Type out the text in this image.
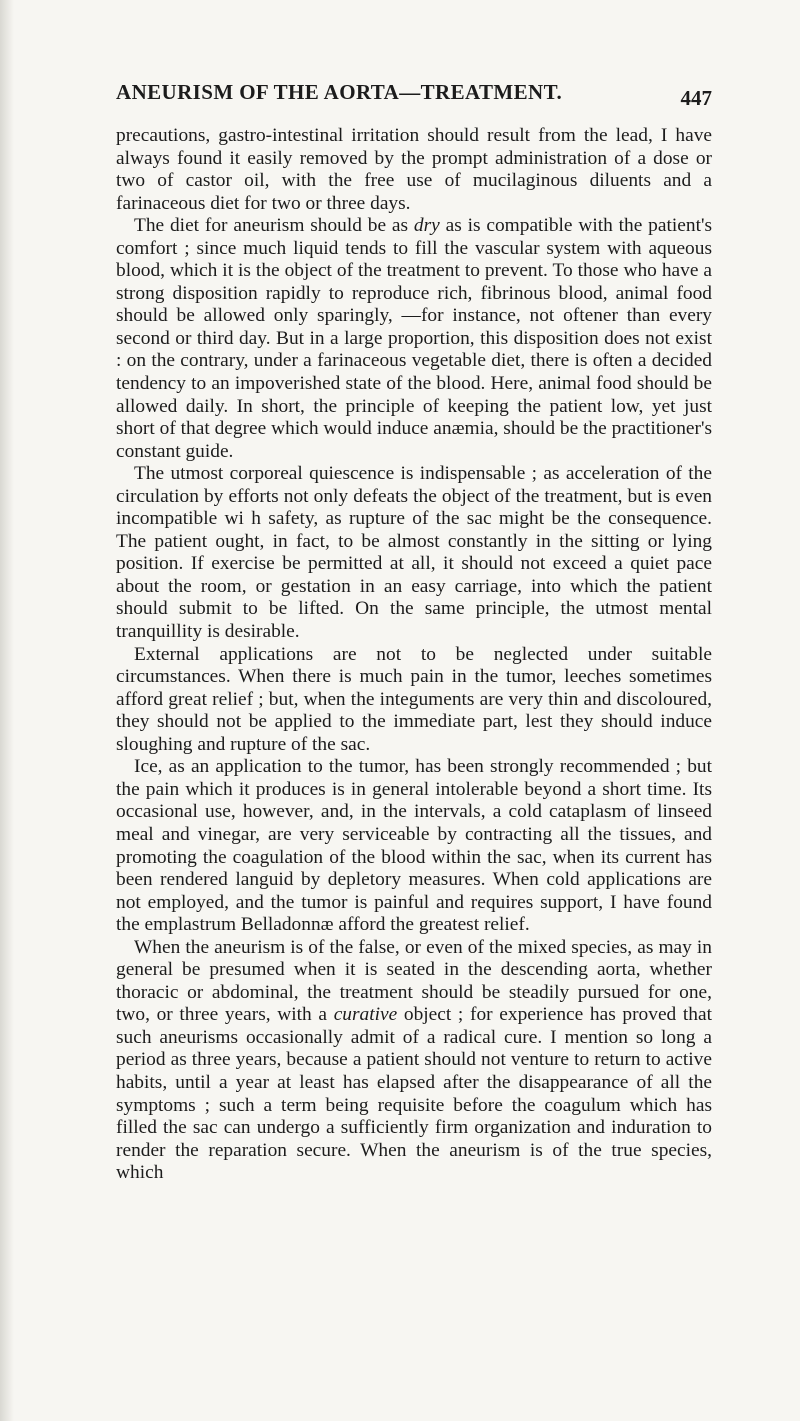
ANEURISM OF THE AORTA—TREATMENT.	447

precautions, gastro-intestinal irritation should result from the lead, I have always found it easily removed by the prompt administration of a dose or two of castor oil, with the free use of mucilaginous diluents and a farinaceous diet for two or three days.

The diet for aneurism should be as dry as is compatible with the patient's comfort ; since much liquid tends to fill the vascular system with aqueous blood, which it is the object of the treatment to prevent. To those who have a strong disposition rapidly to reproduce rich, fibrinous blood, animal food should be allowed only sparingly, —for instance, not oftener than every second or third day. But in a large proportion, this disposition does not exist : on the contrary, under a farinaceous vegetable diet, there is often a decided tendency to an impoverished state of the blood. Here, animal food should be allowed daily. In short, the principle of keeping the patient low, yet just short of that degree which would induce anæmia, should be the practitioner's constant guide.

The utmost corporeal quiescence is indispensable ; as acceleration of the circulation by efforts not only defeats the object of the treatment, but is even incompatible wi h safety, as rupture of the sac might be the consequence. The patient ought, in fact, to be almost constantly in the sitting or lying position. If exercise be permitted at all, it should not exceed a quiet pace about the room, or gestation in an easy carriage, into which the patient should submit to be lifted. On the same principle, the utmost mental tranquillity is desirable.

External applications are not to be neglected under suitable circumstances. When there is much pain in the tumor, leeches sometimes afford great relief ; but, when the integuments are very thin and discoloured, they should not be applied to the immediate part, lest they should induce sloughing and rupture of the sac.

Ice, as an application to the tumor, has been strongly recommended ; but the pain which it produces is in general intolerable beyond a short time. Its occasional use, however, and, in the intervals, a cold cataplasm of linseed meal and vinegar, are very serviceable by contracting all the tissues, and promoting the coagulation of the blood within the sac, when its current has been rendered languid by depletory measures. When cold applications are not employed, and the tumor is painful and requires support, I have found the emplastrum Belladonnæ afford the greatest relief.

When the aneurism is of the false, or even of the mixed species, as may in general be presumed when it is seated in the descending aorta, whether thoracic or abdominal, the treatment should be steadily pursued for one, two, or three years, with a curative object ; for experience has proved that such aneurisms occasionally admit of a radical cure. I mention so long a period as three years, because a patient should not venture to return to active habits, until a year at least has elapsed after the disappearance of all the symptoms ; such a term being requisite before the coagulum which has filled the sac can undergo a sufficiently firm organization and induration to render the reparation secure. When the aneurism is of the true species, which
